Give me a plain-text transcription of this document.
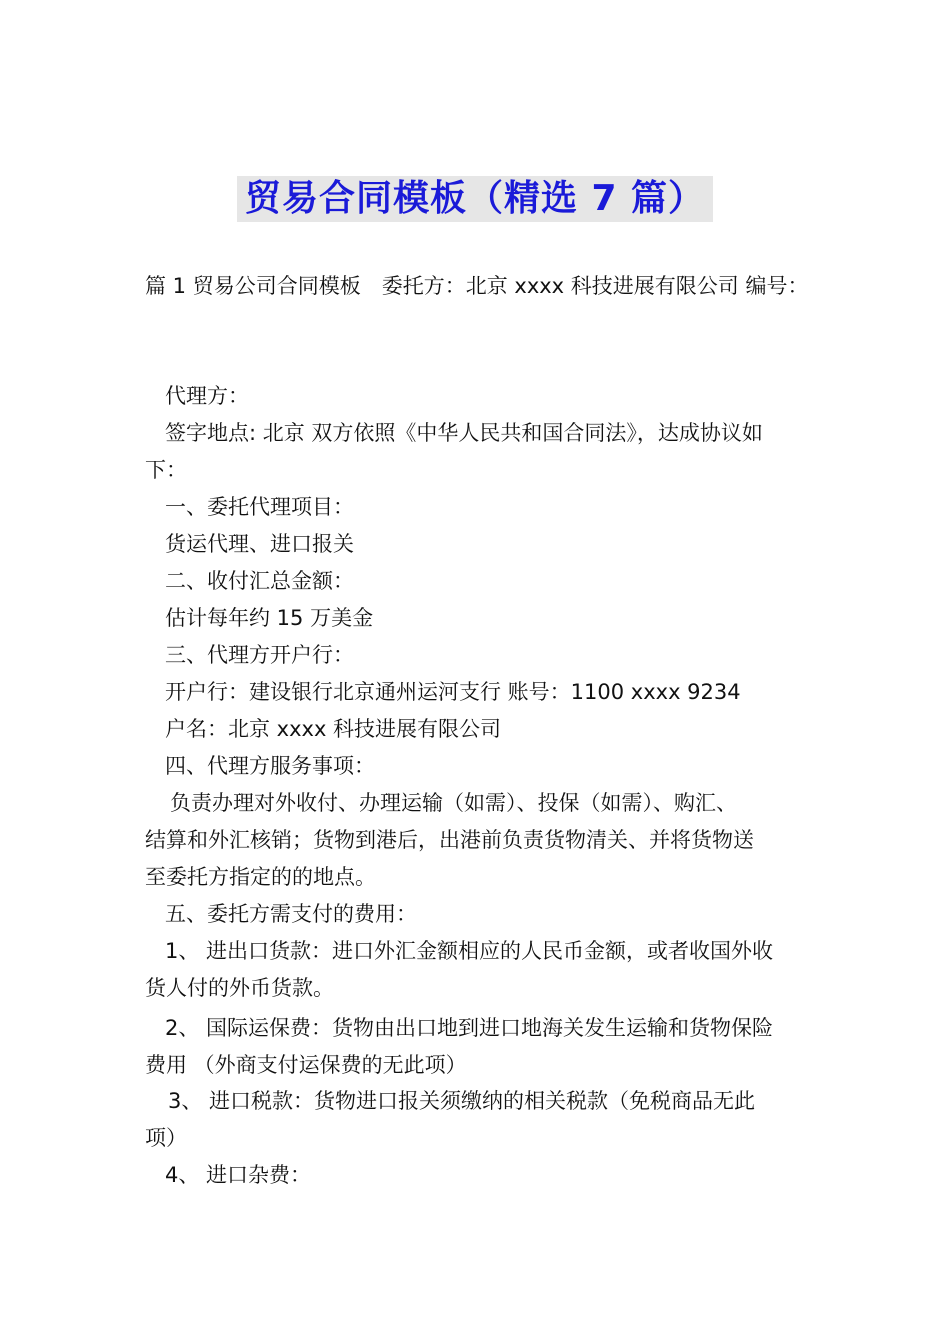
贸易合同模板（精选 7 篇）
篇 1 贸易公司合同模板　委托方：北京 xxxx 科技进展有限公司 编号：
代理方：
签字地点: 北京 双方依照《中华人民共和国合同法》，达成协议如
下：
一、委托代理项目：
货运代理、进口报关
二、收付汇总金额：
估计每年约 15 万美金
三、代理方开户行：
开户行：建设银行北京通州运河支行 账号：1100 xxxx 9234
户名：北京 xxxx 科技进展有限公司
四、代理方服务事项：
负责办理对外收付、办理运输（如需）、投保（如需）、购汇、
结算和外汇核销；货物到港后，出港前负责货物清关、并将货物送
至委托方指定的的地点。
五、委托方需支付的费用：
1、 进出口货款：进口外汇金额相应的人民币金额，或者收国外收
货人付的外币货款。
2、 国际运保费：货物由出口地到进口地海关发生运输和货物保险
费用 （外商支付运保费的无此项）
3、 进口税款：货物进口报关须缴纳的相关税款（免税商品无此
项）
4、 进口杂费：
